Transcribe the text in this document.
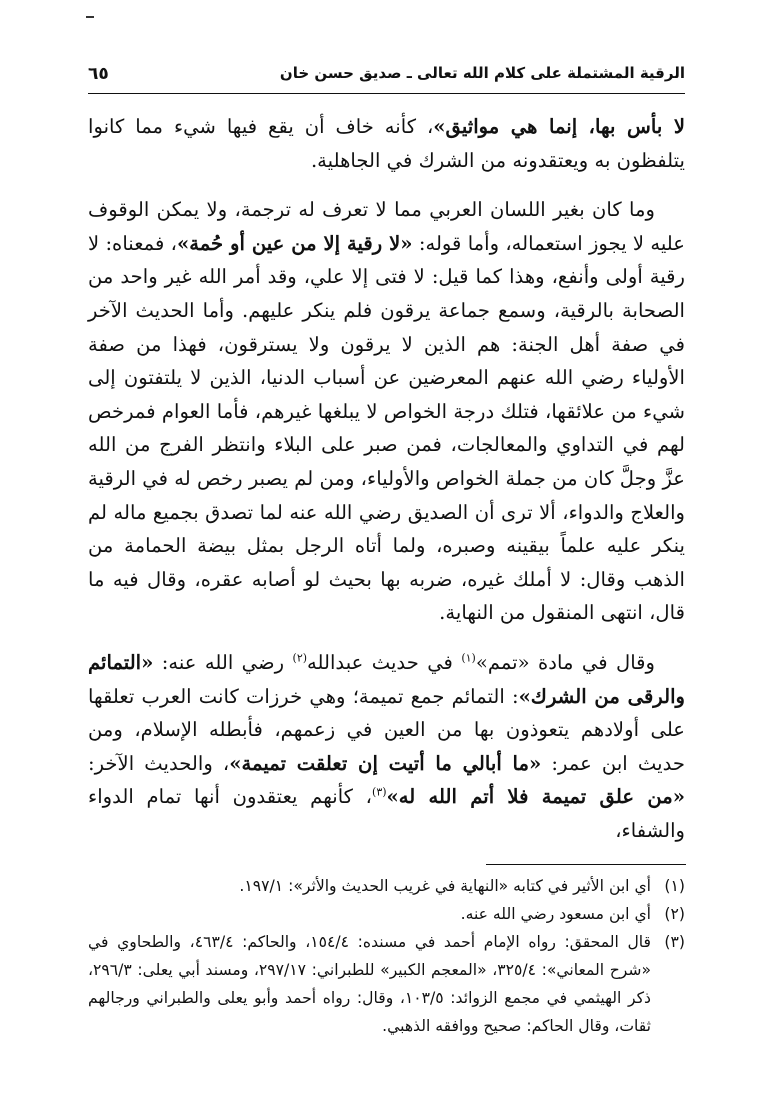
الرقية المشتملة على كلام الله تعالى ـ صديق حسن خان
٦٥

لا بأس بها، إنما هي مواثيق»، كأنه خاف أن يقع فيها شيء مما كانوا يتلفظون به ويعتقدونه من الشرك في الجاهلية.

وما كان بغير اللسان العربي مما لا تعرف له ترجمة، ولا يمكن الوقوف عليه لا يجوز استعماله، وأما قوله: «لا رقية إلا من عين أو حُمة»، فمعناه: لا رقية أولى وأنفع، وهذا كما قيل: لا فتى إلا علي، وقد أمر الله غير واحد من الصحابة بالرقية، وسمع جماعة يرقون فلم ينكر عليهم. وأما الحديث الآخر في صفة أهل الجنة: هم الذين لا يرقون ولا يسترقون، فهذا من صفة الأولياء رضي الله عنهم المعرضين عن أسباب الدنيا، الذين لا يلتفتون إلى شيء من علائقها، فتلك درجة الخواص لا يبلغها غيرهم، فأما العوام فمرخص لهم في التداوي والمعالجات، فمن صبر على البلاء وانتظر الفرج من الله عزَّ وجلَّ كان من جملة الخواص والأولياء، ومن لم يصبر رخص له في الرقية والعلاج والدواء، ألا ترى أن الصديق رضي الله عنه لما تصدق بجميع ماله لم ينكر عليه علماً بيقينه وصبره، ولما أتاه الرجل بمثل بيضة الحمامة من الذهب وقال: لا أملك غيره، ضربه بها بحيث لو أصابه عقره، وقال فيه ما قال، انتهى المنقول من النهاية.

وقال في مادة «تمم»$^{(١)}$ في حديث عبدالله$^{(٢)}$ رضي الله عنه: «التمائم والرقى من الشرك»: التمائم جمع تميمة؛ وهي خرزات كانت العرب تعلقها على أولادهم يتعوذون بها من العين في زعمهم، فأبطله الإسلام، ومن حديث ابن عمر: «ما أبالي ما أتيت إن تعلقت تميمة»، والحديث الآخر: «من علق تميمة فلا أتم الله له»$^{(٣)}$، كأنهم يعتقدون أنها تمام الدواء والشفاء،

(١)
أي ابن الأثير في كتابه «النهاية في غريب الحديث والأثر»: ١٩٧/١.
(٢)
أي ابن مسعود رضي الله عنه.
(٣)
قال المحقق: رواه الإمام أحمد في مسنده: ١٥٤/٤، والحاكم: ٤٦٣/٤، والطحاوي في «شرح المعاني»: ٣٢٥/٤، «المعجم الكبير» للطبراني: ٢٩٧/١٧، ومسند أبي يعلى: ٢٩٦/٣، ذكر الهيثمي في مجمع الزوائد: ١٠٣/٥، وقال: رواه أحمد وأبو يعلى والطبراني ورجالهم ثقات، وقال الحاكم: صحيح ووافقه الذهبي.
